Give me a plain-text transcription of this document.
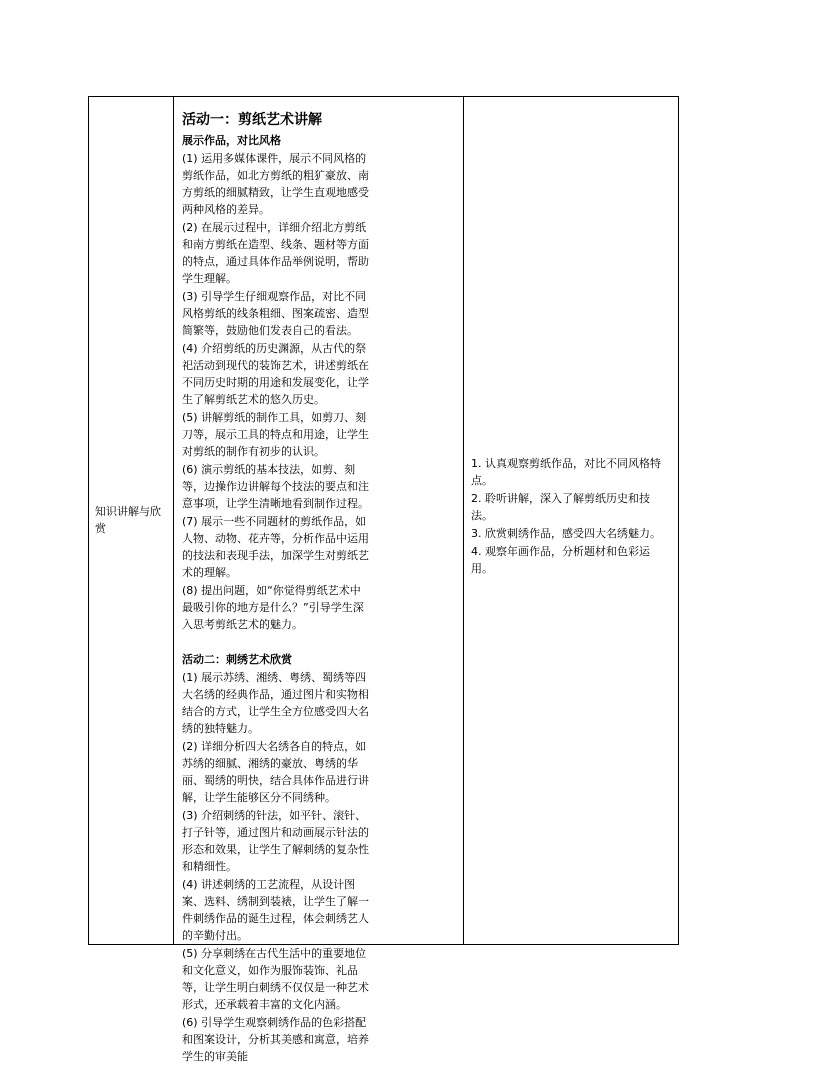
知识讲解与欣赏
活动一：剪纸艺术讲解

展示作品，对比风格

(1) 运用多媒体课件，展示不同风格的剪纸作品，如北方剪纸的粗犷豪放、南方剪纸的细腻精致，让学生直观地感受两种风格的差异。

(2) 在展示过程中，详细介绍北方剪纸和南方剪纸在造型、线条、题材等方面的特点，通过具体作品举例说明，帮助学生理解。

(3) 引导学生仔细观察作品，对比不同风格剪纸的线条粗细、图案疏密、造型简繁等，鼓励他们发表自己的看法。

(4) 介绍剪纸的历史渊源，从古代的祭祀活动到现代的装饰艺术，讲述剪纸在不同历史时期的用途和发展变化，让学生了解剪纸艺术的悠久历史。

(5) 讲解剪纸的制作工具，如剪刀、刻刀等，展示工具的特点和用途，让学生对剪纸的制作有初步的认识。

(6) 演示剪纸的基本技法，如剪、刻等，边操作边讲解每个技法的要点和注意事项，让学生清晰地看到制作过程。

(7) 展示一些不同题材的剪纸作品，如人物、动物、花卉等，分析作品中运用的技法和表现手法，加深学生对剪纸艺术的理解。

(8) 提出问题，如“你觉得剪纸艺术中最吸引你的地方是什么？”引导学生深入思考剪纸艺术的魅力。

活动二：刺绣艺术欣赏

(1) 展示苏绣、湘绣、粤绣、蜀绣等四大名绣的经典作品，通过图片和实物相结合的方式，让学生全方位感受四大名绣的独特魅力。

(2) 详细分析四大名绣各自的特点，如苏绣的细腻、湘绣的豪放、粤绣的华丽、蜀绣的明快，结合具体作品进行讲解，让学生能够区分不同绣种。

(3) 介绍刺绣的针法，如平针、滚针、打子针等，通过图片和动画展示针法的形态和效果，让学生了解刺绣的复杂性和精细性。

(4) 讲述刺绣的工艺流程，从设计图案、选料、绣制到装裱，让学生了解一件刺绣作品的诞生过程，体会刺绣艺人的辛勤付出。

(5) 分享刺绣在古代生活中的重要地位和文化意义，如作为服饰装饰、礼品等，让学生明白刺绣不仅仅是一种艺术形式，还承载着丰富的文化内涵。

(6) 引导学生观察刺绣作品的色彩搭配和图案设计，分析其美感和寓意，培养学生的审美能

1. 认真观察剪纸作品，对比不同风格特点。

2. 聆听讲解，深入了解剪纸历史和技法。

3. 欣赏刺绣作品，感受四大名绣魅力。

4. 观察年画作品，分析题材和色彩运用。
